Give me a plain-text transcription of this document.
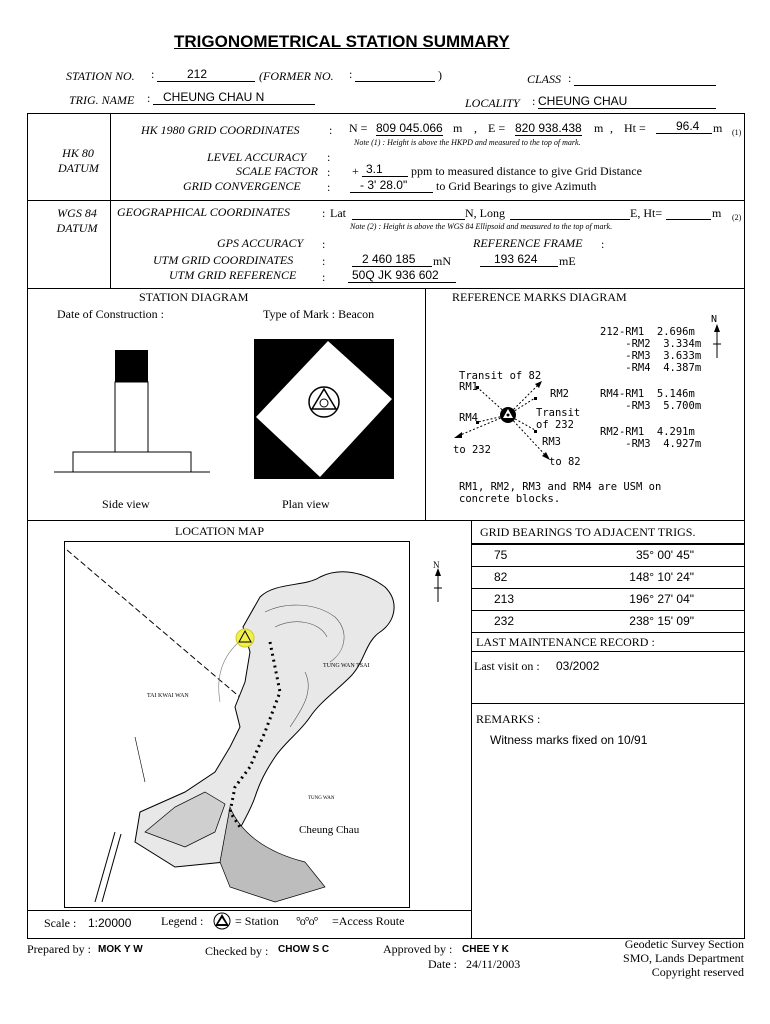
TRIGONOMETRICAL STATION SUMMARY
STATION NO. :	212	(FORMER NO. :	)	CLASS :
TRIG. NAME :	CHEUNG CHAU N	LOCALITY : CHEUNG CHAU
HK 80
DATUM
HK 1980 GRID COORDINATES : N = 809 045.066 m , E = 820 938.438 m , Ht =	96.4	m (1)
Note (1) : Height is above the HKPD and measured to the top of mark.
LEVEL ACCURACY :
SCALE FACTOR : + 3.1	ppm to measured distance to give Grid Distance
GRID CONVERGENCE :	- 3' 28.0"	to Grid Bearings to give Azimuth
WGS 84
DATUM
GEOGRAPHICAL COORDINATES	: Lat	N, Long	E, Ht=	m (2)
Note (2) : Height is above the WGS 84 Ellipsoid and measured to the top of mark.
GPS ACCURACY :	REFERENCE FRAME :
UTM GRID COORDINATES :	2 460 185	mN	193 624	mE
UTM GRID REFERENCE :	50Q JK 936 602
STATION DIAGRAM
Date of Construction :	Type of Mark : Beacon
Side view	Plan view
REFERENCE MARKS DIAGRAM
212-RM1  2.696m
-RM2  3.334m
-RM3  3.633m
-RM4  4.387m
RM4-RM1  5.146m
-RM3  5.700m
RM2-RM1  4.291m
-RM3  4.927m
N
Transit of 82
RM1
RM2
RM4	Transit
of 232
RM3
to 232
to 82
RM1, RM2, RM3 and RM4 are USM on
concrete blocks.
LOCATION MAP
N
TUNG WAN TSAI
TAI KWAI WAN
Cheung Chau
TUNG WAN
Scale : 1:20000 Legend :	= Station °o°o° =Access Route
GRID BEARINGS TO ADJACENT TRIGS.
75	35° 00' 45"
82	148° 10' 24"
213	196° 27' 04"
232	238° 15' 09"
LAST MAINTENANCE RECORD :
Last visit on : 03/2002
REMARKS :
Witness marks fixed on 10/91
Prepared by : MOK Y W	Checked by : CHOW S C	Approved by : CHEE Y K
Date : 24/11/2003
Geodetic Survey Section
SMO, Lands Department
Copyright reserved
